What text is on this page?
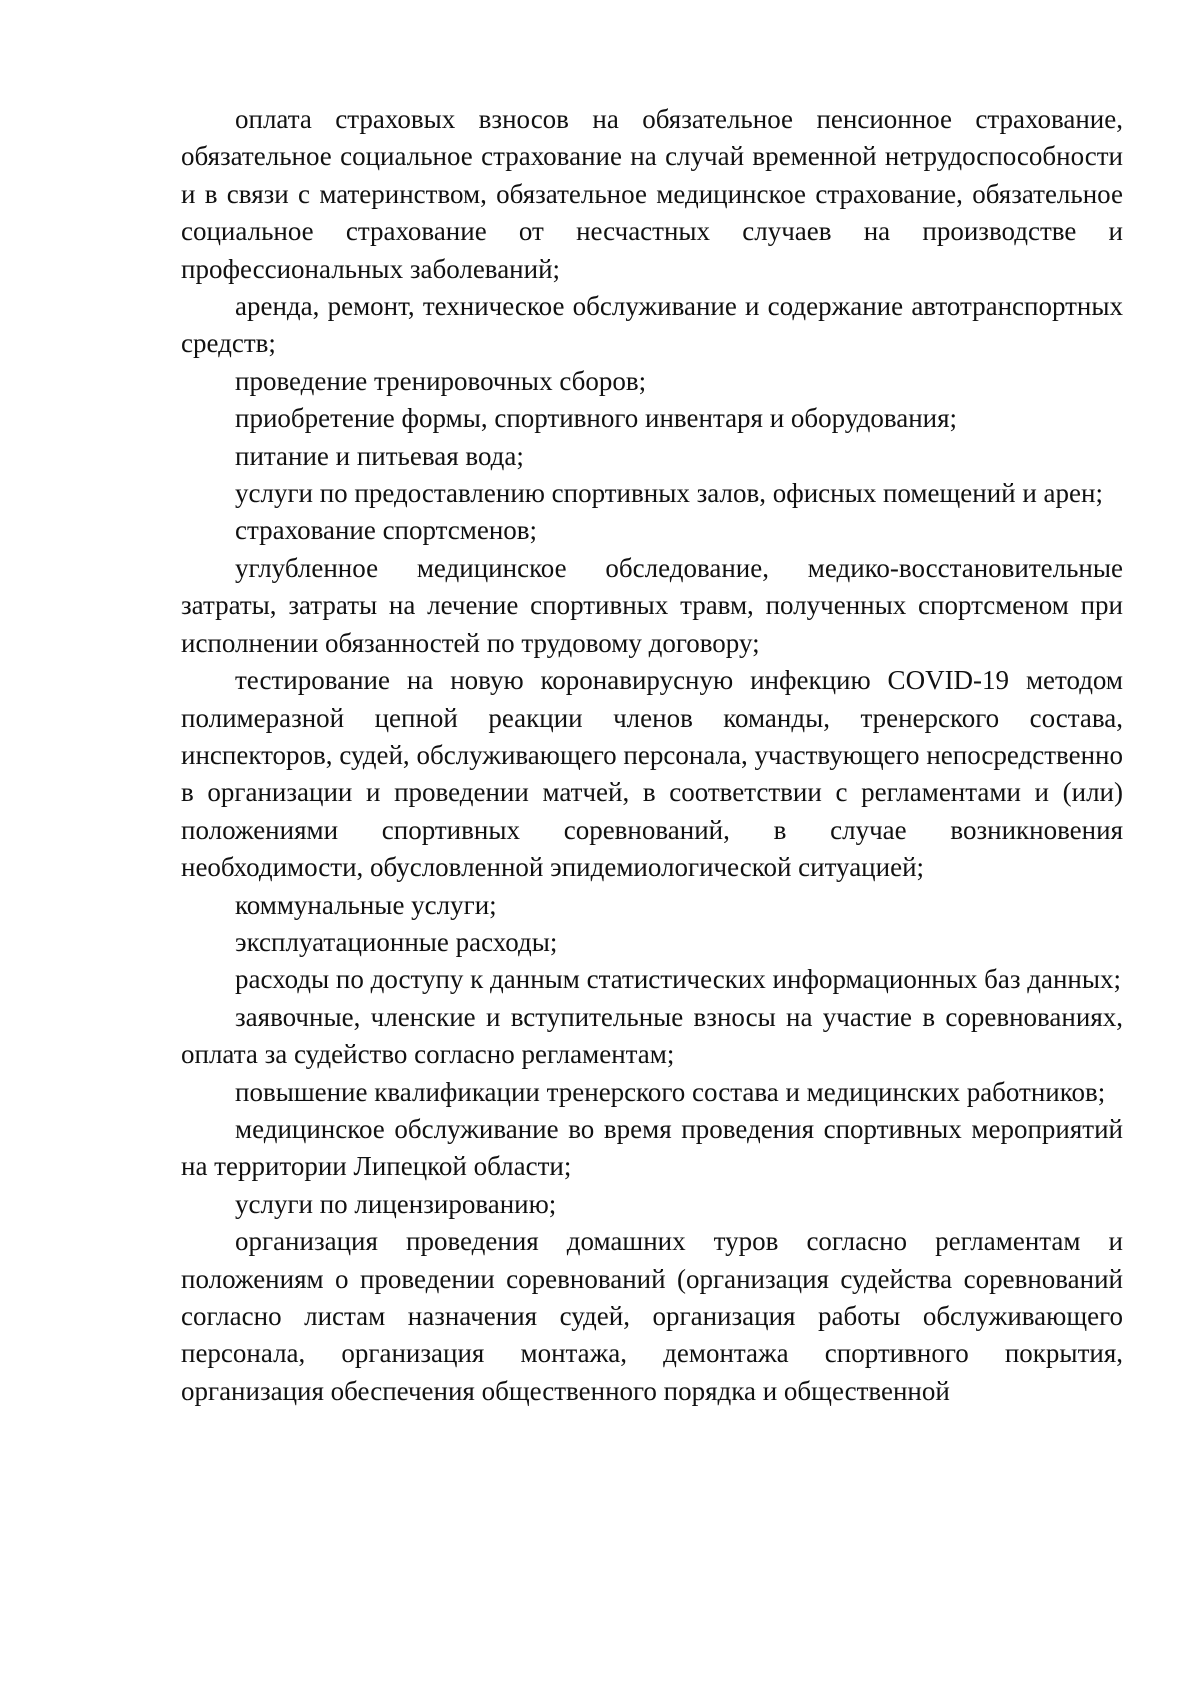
оплата страховых взносов на обязательное пенсионное страхование, обязательное социальное страхование на случай временной нетрудоспособности и в связи с материнством, обязательное медицинское страхование, обязательное социальное страхование от несчастных случаев на производстве и профессиональных заболеваний;

аренда, ремонт, техническое обслуживание и содержание автотранспортных средств;

проведение тренировочных сборов;

приобретение формы, спортивного инвентаря и оборудования;

питание и питьевая вода;

услуги по предоставлению спортивных залов, офисных помещений и арен;

страхование спортсменов;

углубленное медицинское обследование, медико-восстановительные затраты, затраты на лечение спортивных травм, полученных спортсменом при исполнении обязанностей по трудовому договору;

тестирование на новую коронавирусную инфекцию COVID-19 методом полимеразной цепной реакции членов команды, тренерского состава, инспекторов, судей, обслуживающего персонала, участвующего непосредственно в организации и проведении матчей, в соответствии с регламентами и (или) положениями спортивных соревнований, в случае возникновения необходимости, обусловленной эпидемиологической ситуацией;

коммунальные услуги;

эксплуатационные расходы;

расходы по доступу к данным статистических информационных баз данных;

заявочные, членские и вступительные взносы на участие в соревнованиях, оплата за судейство согласно регламентам;

повышение квалификации тренерского состава и медицинских работников;

медицинское обслуживание во время проведения спортивных мероприятий на территории Липецкой области;

услуги по лицензированию;

организация проведения домашних туров согласно регламентам и положениям о проведении соревнований (организация судейства соревнований согласно листам назначения судей, организация работы обслуживающего персонала, организация монтажа, демонтажа спортивного покрытия, организация обеспечения общественного порядка и общественной
